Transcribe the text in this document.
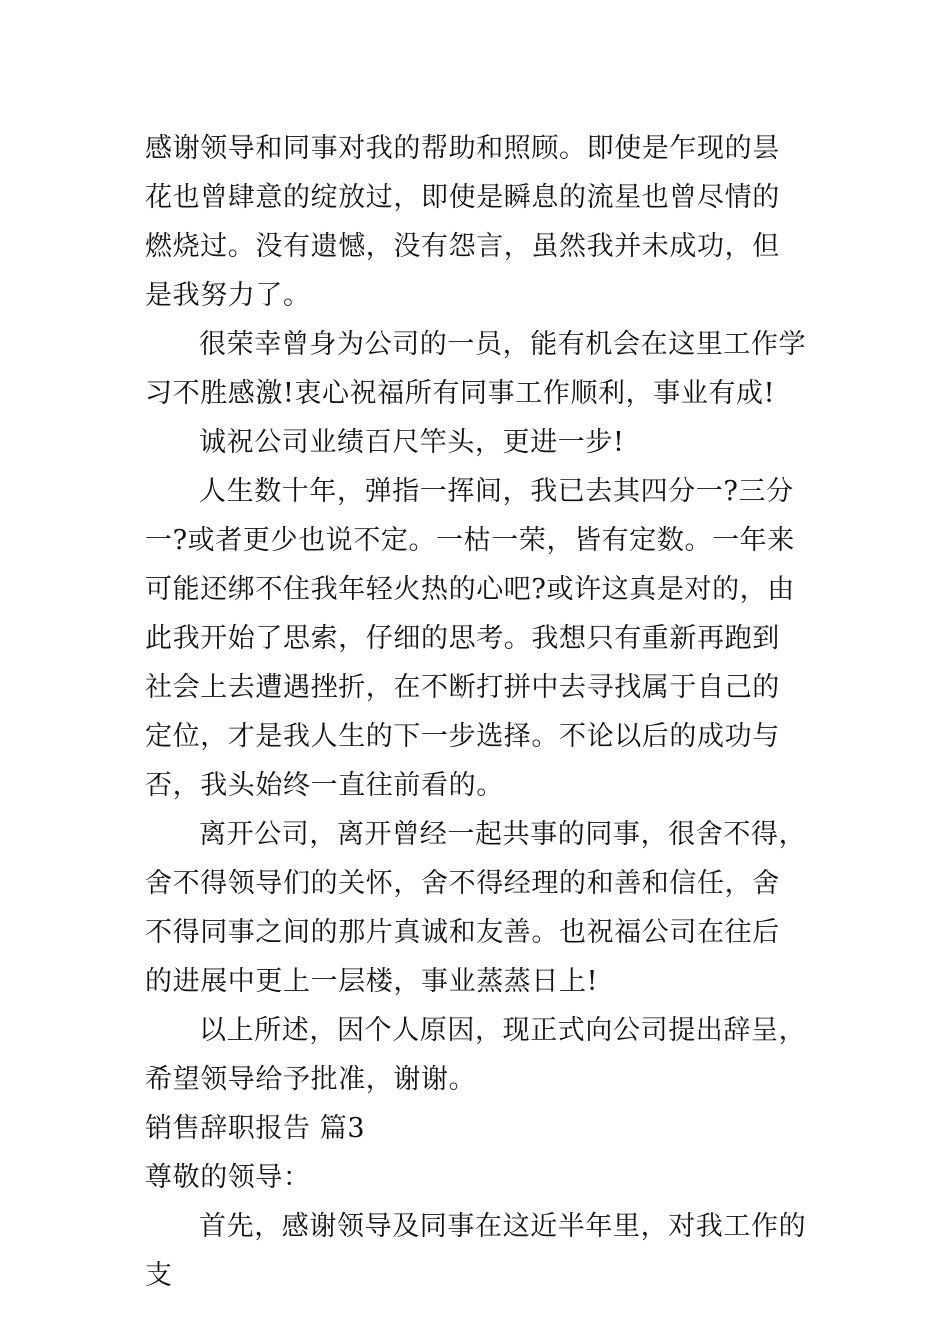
感谢领导和同事对我的帮助和照顾。即使是乍现的昙花也曾肆意的绽放过，即使是瞬息的流星也曾尽情的燃烧过。没有遗憾，没有怨言，虽然我并未成功，但是我努力了。

很荣幸曾身为公司的一员，能有机会在这里工作学习不胜感激!衷心祝福所有同事工作顺利，事业有成!

诚祝公司业绩百尺竿头，更进一步!

人生数十年，弹指一挥间，我已去其四分一?三分一?或者更少也说不定。一枯一荣，皆有定数。一年来可能还绑不住我年轻火热的心吧?或许这真是对的，由此我开始了思索，仔细的思考。我想只有重新再跑到社会上去遭遇挫折，在不断打拼中去寻找属于自己的定位，才是我人生的下一步选择。不论以后的成功与否，我头始终一直往前看的。

离开公司，离开曾经一起共事的同事，很舍不得，舍不得领导们的关怀，舍不得经理的和善和信任，舍不得同事之间的那片真诚和友善。也祝福公司在往后的进展中更上一层楼，事业蒸蒸日上!

以上所述，因个人原因，现正式向公司提出辞呈，希望领导给予批准，谢谢。

销售辞职报告 篇3

尊敬的领导：

首先，感谢领导及同事在这近半年里，对我工作的支
